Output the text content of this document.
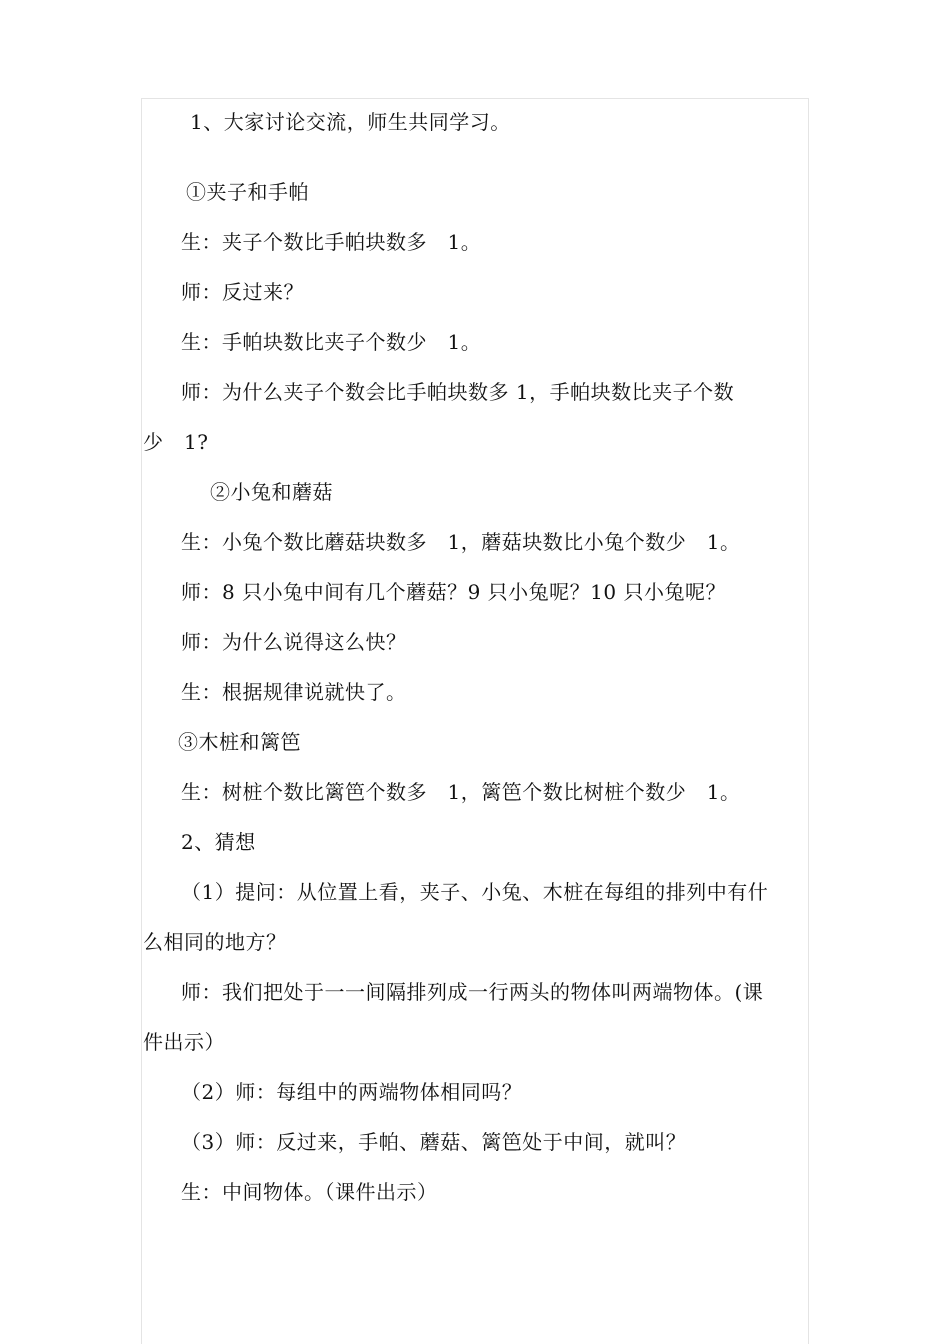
1、大家讨论交流，师生共同学习。
①夹子和手帕
生：夹子个数比手帕块数多　1。
师：反过来？
生：手帕块数比夹子个数少　1。
师：为什么夹子个数会比手帕块数多 1，手帕块数比夹子个数
少　1?
②小兔和蘑菇
生：小兔个数比蘑菇块数多　1，蘑菇块数比小兔个数少　1。
师：8 只小兔中间有几个蘑菇？9 只小兔呢？10 只小兔呢？
师：为什么说得这么快？
生：根据规律说就快了。
③木桩和篱笆
生：树桩个数比篱笆个数多　1，篱笆个数比树桩个数少　1。
2、猜想
（1）提问：从位置上看，夹子、小兔、木桩在每组的排列中有什
么相同的地方？
师：我们把处于一一间隔排列成一行两头的物体叫两端物体。(课
件出示）
（2）师：每组中的两端物体相同吗？
（3）师：反过来，手帕、蘑菇、篱笆处于中间，就叫？
生：中间物体。（课件出示）
